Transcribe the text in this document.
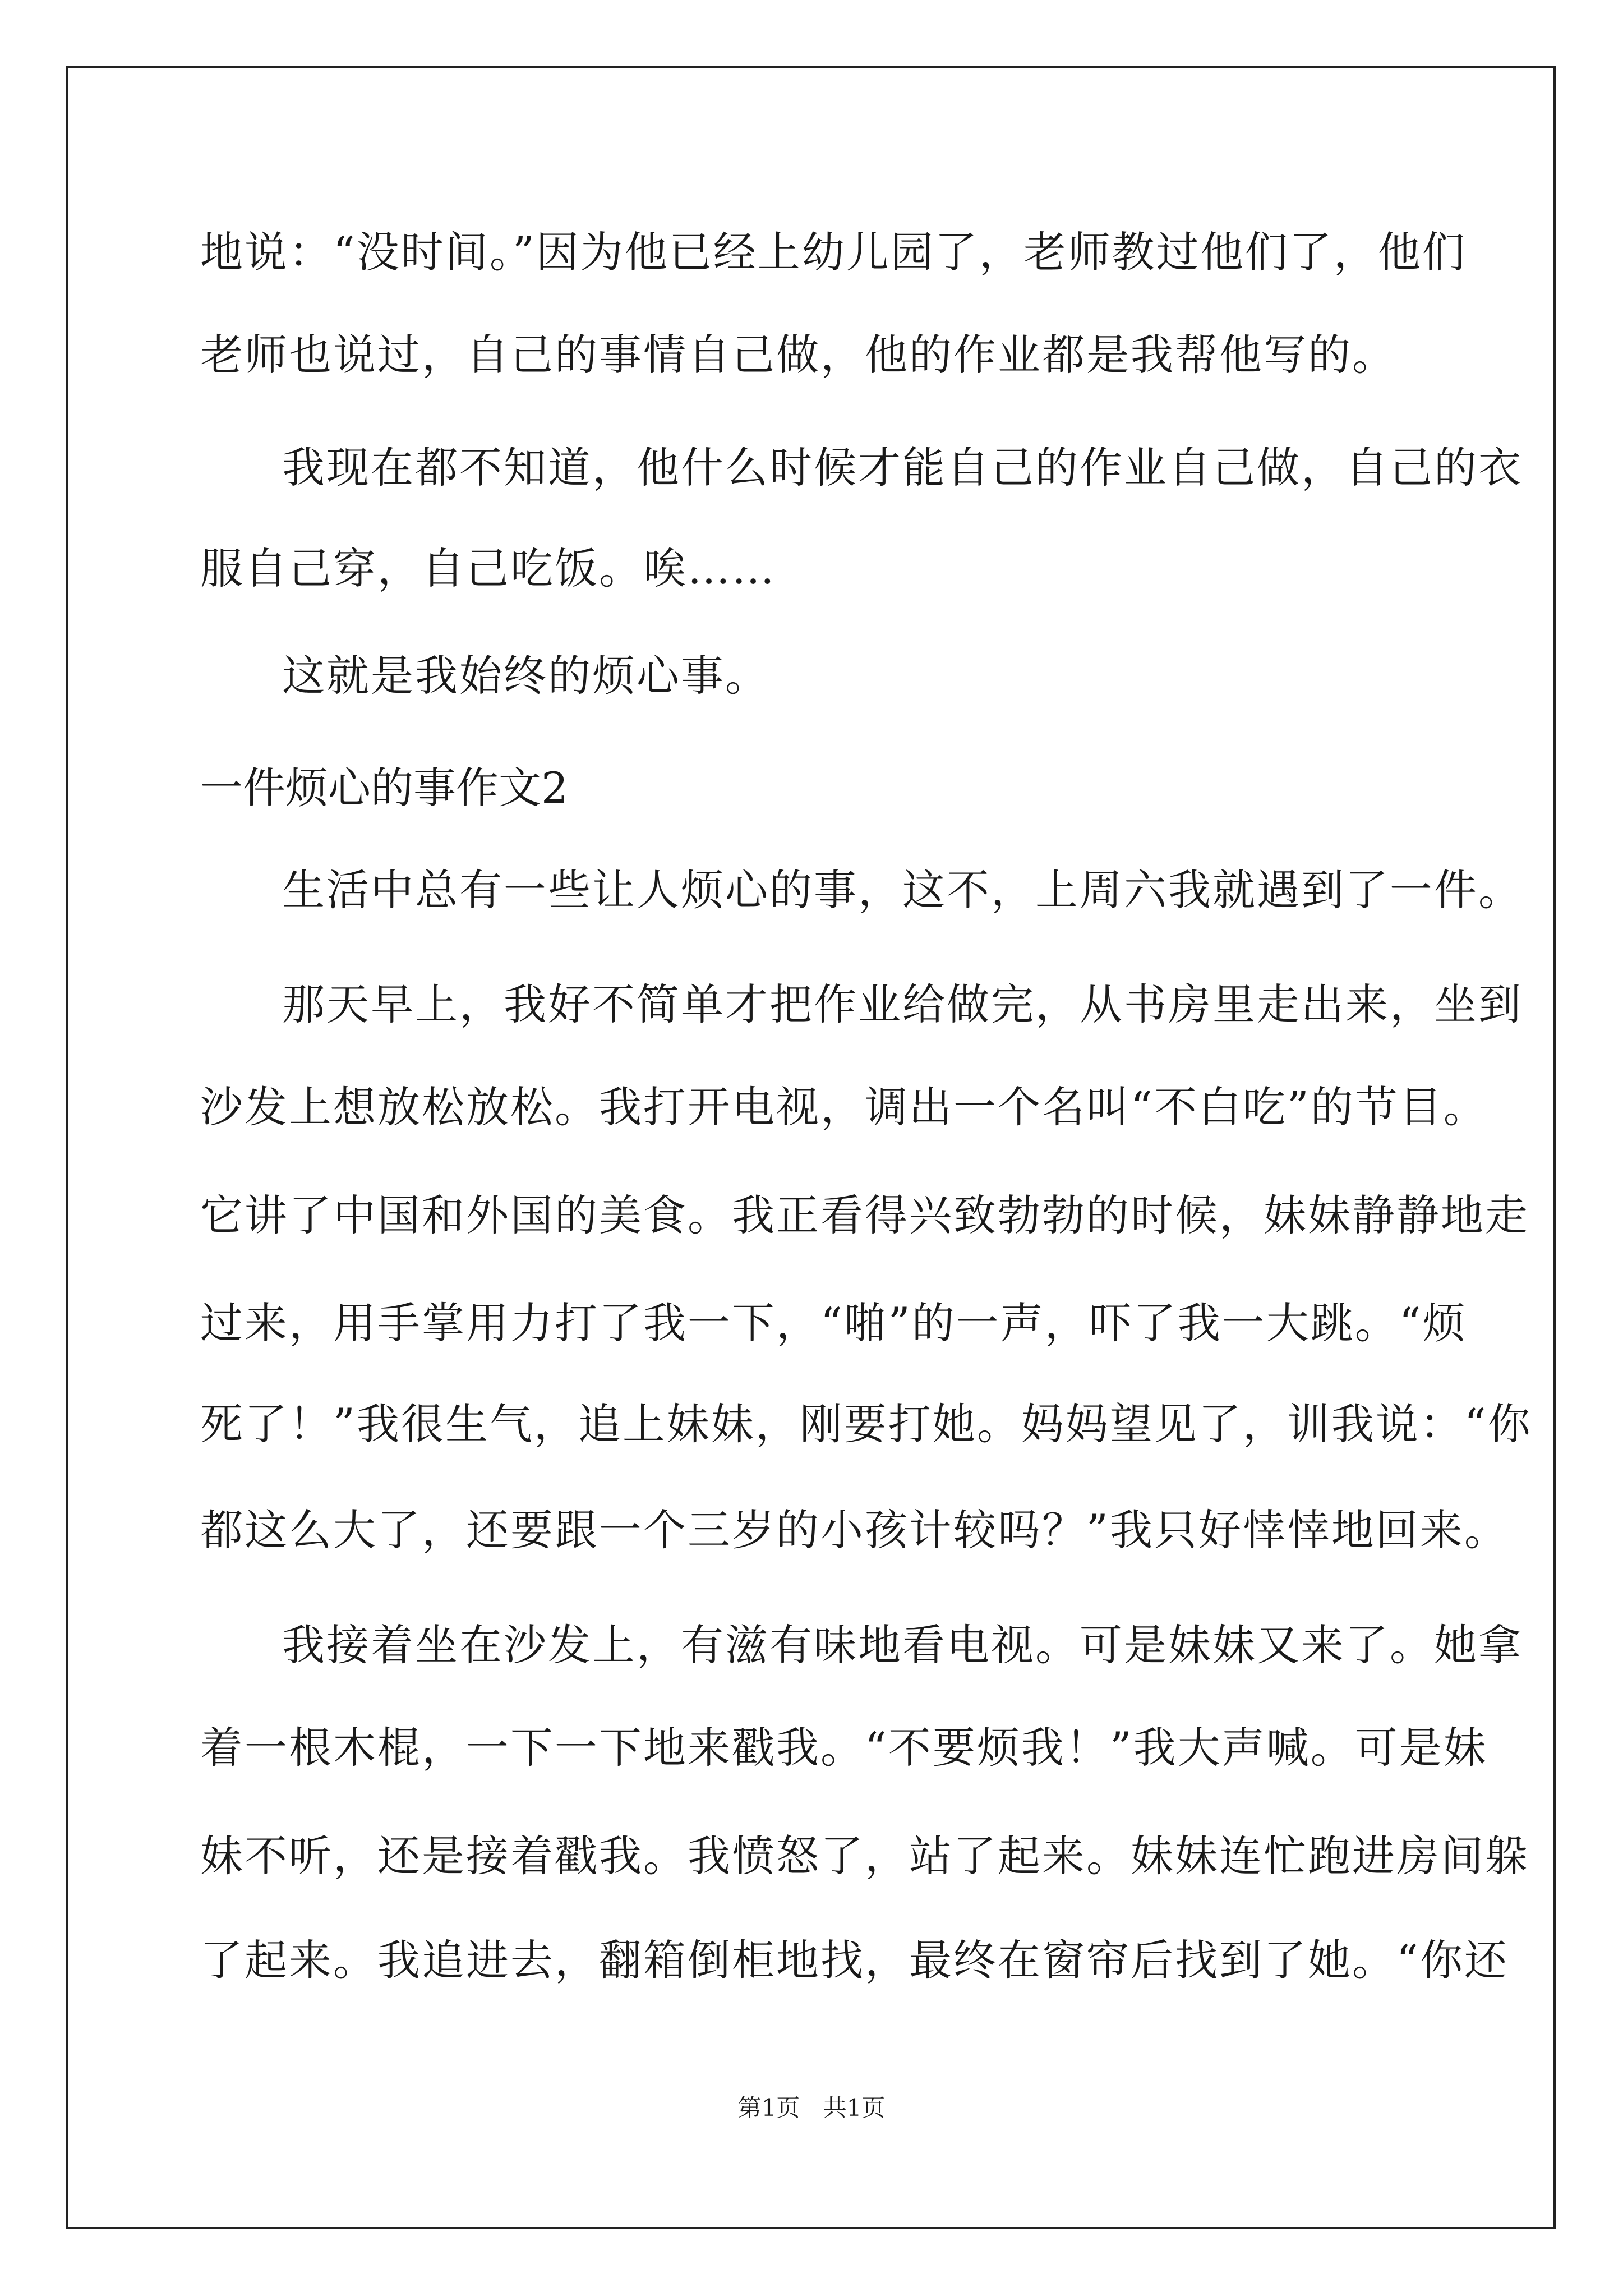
地说：“没时间。”因为他已经上幼儿园了，老师教过他们了，他们
老师也说过，自己的事情自己做，他的作业都是我帮他写的。
我现在都不知道，他什么时候才能自己的作业自己做，自己的衣
服自己穿，自己吃饭。唉……
这就是我始终的烦心事。
一件烦心的事作文2
生活中总有一些让人烦心的事，这不，上周六我就遇到了一件。
那天早上，我好不简单才把作业给做完，从书房里走出来，坐到
沙发上想放松放松。我打开电视，调出一个名叫“不白吃”的节目。
它讲了中国和外国的美食。我正看得兴致勃勃的时候，妹妹静静地走
过来，用手掌用力打了我一下，“啪”的一声，吓了我一大跳。“烦
死了！”我很生气，追上妹妹，刚要打她。妈妈望见了，训我说：“你
都这么大了，还要跟一个三岁的小孩计较吗？”我只好悻悻地回来。
我接着坐在沙发上，有滋有味地看电视。可是妹妹又来了。她拿
着一根木棍，一下一下地来戳我。“不要烦我！”我大声喊。可是妹
妹不听，还是接着戳我。我愤怒了，站了起来。妹妹连忙跑进房间躲
了起来。我追进去，翻箱倒柜地找，最终在窗帘后找到了她。“你还
第1页 共1页
